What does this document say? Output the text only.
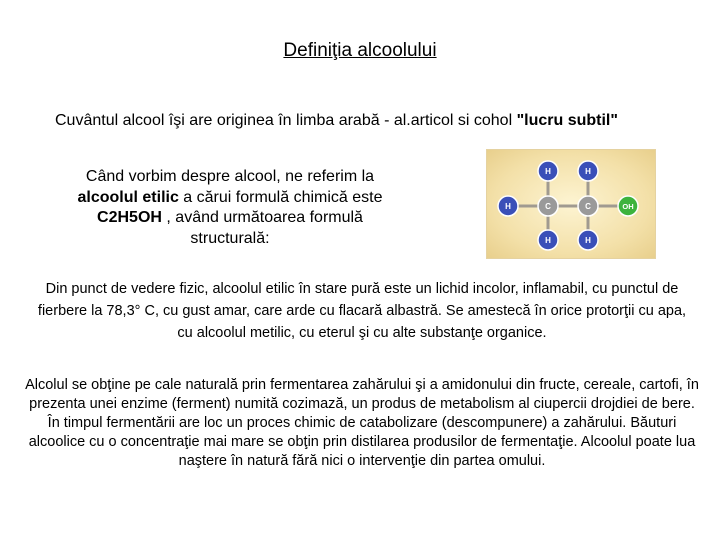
Definiţia alcoolului
Cuvântul alcool îşi are originea în limba arabă - al.articol si cohol "lucru subtil"
Când vorbim despre alcool, ne referim la alcoolul etilic a cărui formulă chimică este C2H5OH , având următoarea formulă structurală:
H	H
H	C	C	OH
H	H
Din punct de vedere fizic, alcoolul etilic în stare pură este un lichid incolor, inflamabil, cu punctul de fierbere la 78,3° C, cu gust amar, care arde cu flacară albastră. Se amestecă în orice protorţii cu apa, cu alcoolul metilic, cu eterul şi cu alte substanţe organice.

Alcolul se obţine pe cale naturală prin fermentarea zahărului şi a amidonului din fructe, cereale, cartofi, în prezenta unei enzime (ferment) numită cozimază, un produs de metabolism al ciupercii drojdiei de bere.

În timpul fermentării are loc un proces chimic de catabolizare (descompunere) a zahărului. Băuturi alcoolice cu o concentraţie mai mare se obţin prin distilarea produsilor de fermentaţie. Alcoolul poate lua naştere în natură fără nici o intervenţie din partea omului.
